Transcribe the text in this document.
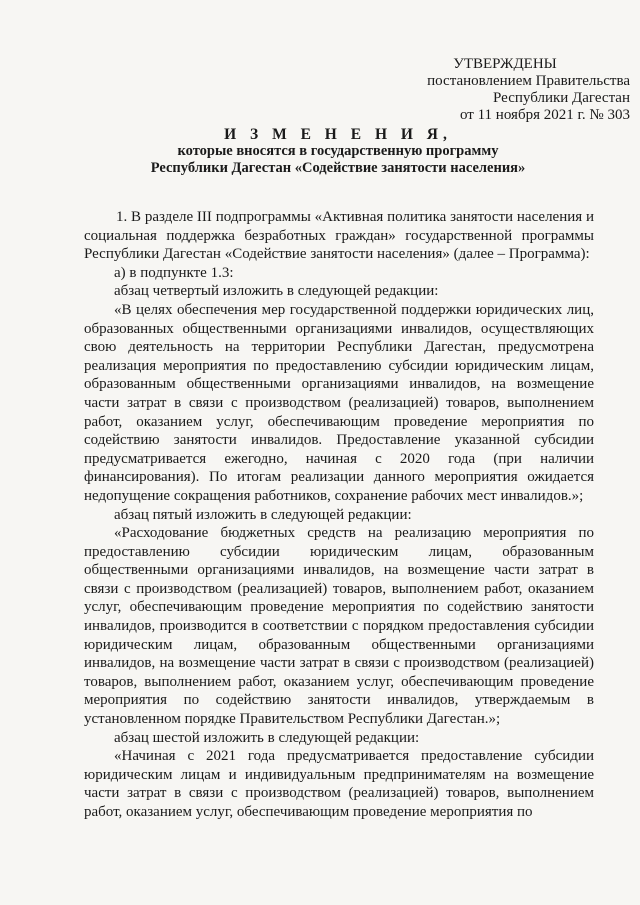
УТВЕРЖДЕНЫ
постановлением Правительства
Республики Дагестан
от 11 ноября 2021 г. № 303
И З М Е Н Е Н И Я,
которые вносятся в государственную программу
Республики Дагестан «Содействие занятости населения»

1. В разделе III подпрограммы «Активная политика занятости населения и социальная поддержка безработных граждан» государственной программы Республики Дагестан «Содействие занятости населения» (далее – Программа):

а) в подпункте 1.3:

абзац четвертый изложить в следующей редакции:

«В целях обеспечения мер государственной поддержки юридических лиц, образованных общественными организациями инвалидов, осуществляющих свою деятельность на территории Республики Дагестан, предусмотрена реализация мероприятия по предоставлению субсидии юридическим лицам, образованным общественными организациями инвалидов, на возмещение части затрат в связи с производством (реализацией) товаров, выполнением работ, оказанием услуг, обеспечивающим проведение мероприятия по содействию занятости инвалидов. Предоставление указанной субсидии предусматривается ежегодно, начиная с 2020 года (при наличии финансирования). По итогам реализации данного мероприятия ожидается недопущение сокращения работников, сохранение рабочих мест инвалидов.»;

абзац пятый изложить в следующей редакции:

«Расходование бюджетных средств на реализацию мероприятия по предоставлению субсидии юридическим лицам, образованным общественными организациями инвалидов, на возмещение части затрат в связи с производством (реализацией) товаров, выполнением работ, оказанием услуг, обеспечивающим проведение мероприятия по содействию занятости инвалидов, производится в соответствии с порядком предоставления субсидии юридическим лицам, образованным общественными организациями инвалидов, на возмещение части затрат в связи с производством (реализацией) товаров, выполнением работ, оказанием услуг, обеспечивающим проведение мероприятия по содействию занятости инвалидов, утверждаемым в установленном порядке Правительством Республики Дагестан.»;

абзац шестой изложить в следующей редакции:

«Начиная с 2021 года предусматривается предоставление субсидии юридическим лицам и индивидуальным предпринимателям на возмещение части затрат в связи с производством (реализацией) товаров, выполнением работ, оказанием услуг, обеспечивающим проведение мероприятия по
